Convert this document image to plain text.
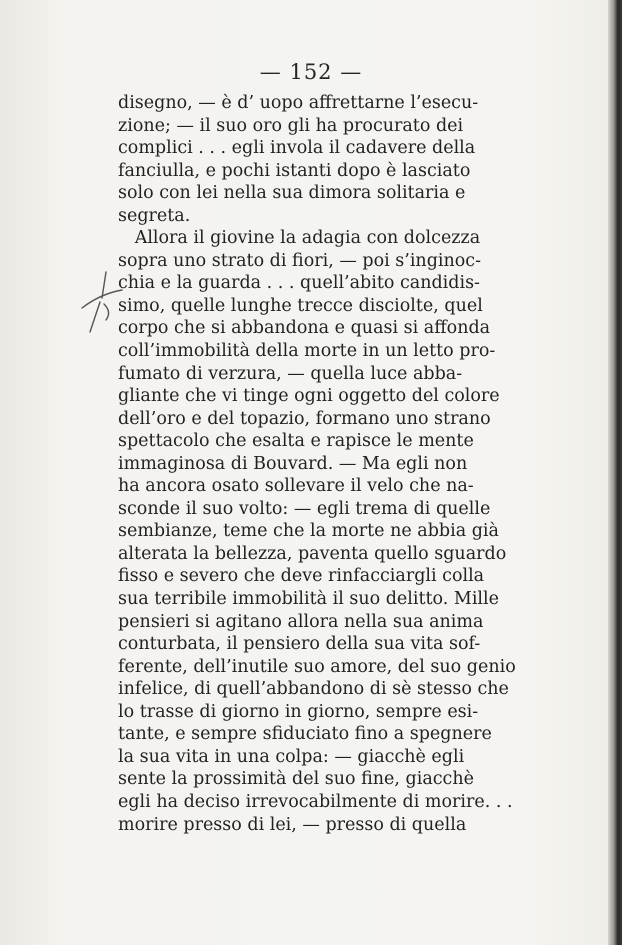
— 152 —
disegno, — è d’ uopo affrettarne l’esecu-
zione; — il suo oro gli ha procurato dei
complici . . . egli invola il cadavere della
fanciulla, e pochi istanti dopo è lasciato
solo con lei nella sua dimora solitaria e
segreta.
Allora il giovine la adagia con dolcezza
sopra uno strato di fiori, — poi s’inginoc-
chia e la guarda . . . quell’abito candidis-
simo, quelle lunghe trecce disciolte, quel
corpo che si abbandona e quasi si affonda
coll’immobilità della morte in un letto pro-
fumato di verzura, — quella luce abba-
gliante che vi tinge ogni oggetto del colore
dell’oro e del topazio, formano uno strano
spettacolo che esalta e rapisce le mente
immaginosa di Bouvard. — Ma egli non
ha ancora osato sollevare il velo che na-
sconde il suo volto: — egli trema di quelle
sembianze, teme che la morte ne abbia già
alterata la bellezza, paventa quello sguardo
fisso e severo che deve rinfacciargli colla
sua terribile immobilità il suo delitto. Mille
pensieri si agitano allora nella sua anima
conturbata, il pensiero della sua vita sof-
ferente, dell’inutile suo amore, del suo genio
infelice, di quell’abbandono di sè stesso che
lo trasse di giorno in giorno, sempre esi-
tante, e sempre sfiduciato fino a spegnere
la sua vita in una colpa: — giacchè egli
sente la prossimità del suo fine, giacchè
egli ha deciso irrevocabilmente di morire. . .
morire presso di lei, — presso di quella
